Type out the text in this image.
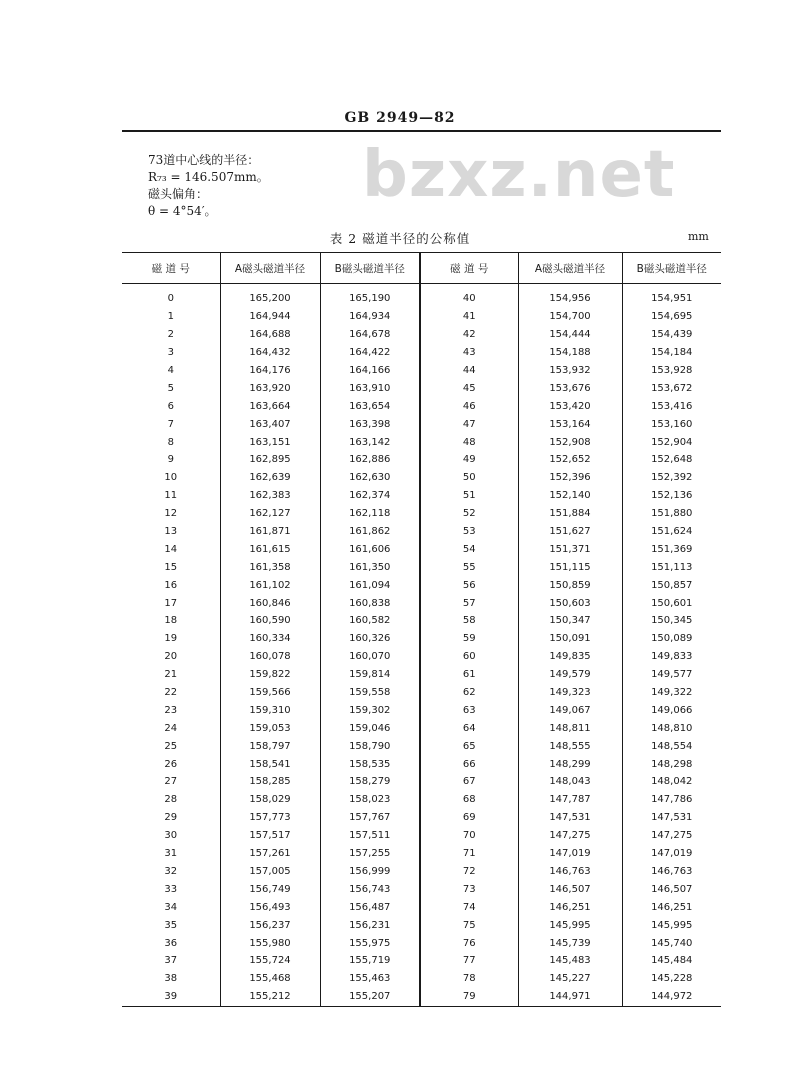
GB 2949—82
bzxz.net
73道中心线的半径：
R₇₃ = 146.507mm。
磁头偏角：
θ = 4°54′。
表 2 磁道半径的公称值	mm
磁 道 号	A磁头磁道半径	B磁头磁道半径	磁 道 号	A磁头磁道半径	B磁头磁道半径
0	165,200	165,190	40	154,956	154,951
1	164,944	164,934	41	154,700	154,695
2	164,688	164,678	42	154,444	154,439
3	164,432	164,422	43	154,188	154,184
4	164,176	164,166	44	153,932	153,928
5	163,920	163,910	45	153,676	153,672
6	163,664	163,654	46	153,420	153,416
7	163,407	163,398	47	153,164	153,160
8	163,151	163,142	48	152,908	152,904
9	162,895	162,886	49	152,652	152,648
10	162,639	162,630	50	152,396	152,392
11	162,383	162,374	51	152,140	152,136
12	162,127	162,118	52	151,884	151,880
13	161,871	161,862	53	151,627	151,624
14	161,615	161,606	54	151,371	151,369
15	161,358	161,350	55	151,115	151,113
16	161,102	161,094	56	150,859	150,857
17	160,846	160,838	57	150,603	150,601
18	160,590	160,582	58	150,347	150,345
19	160,334	160,326	59	150,091	150,089
20	160,078	160,070	60	149,835	149,833
21	159,822	159,814	61	149,579	149,577
22	159,566	159,558	62	149,323	149,322
23	159,310	159,302	63	149,067	149,066
24	159,053	159,046	64	148,811	148,810
25	158,797	158,790	65	148,555	148,554
26	158,541	158,535	66	148,299	148,298
27	158,285	158,279	67	148,043	148,042
28	158,029	158,023	68	147,787	147,786
29	157,773	157,767	69	147,531	147,531
30	157,517	157,511	70	147,275	147,275
31	157,261	157,255	71	147,019	147,019
32	157,005	156,999	72	146,763	146,763
33	156,749	156,743	73	146,507	146,507
34	156,493	156,487	74	146,251	146,251
35	156,237	156,231	75	145,995	145,995
36	155,980	155,975	76	145,739	145,740
37	155,724	155,719	77	145,483	145,484
38	155,468	155,463	78	145,227	145,228
39	155,212	155,207	79	144,971	144,972
